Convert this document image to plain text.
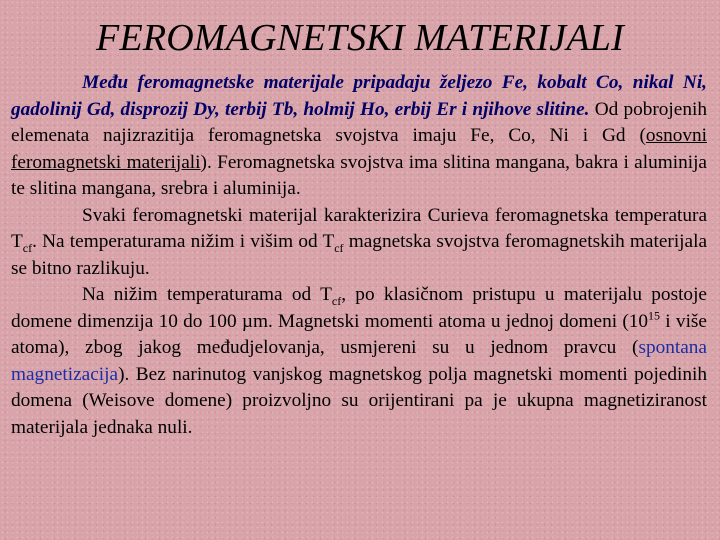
FEROMAGNETSKI MATERIJALI

Među feromagnetske materijale pripadaju željezo Fe, kobalt Co, nikal Ni, gadolinij Gd, disprozij Dy, terbij Tb, holmij Ho, erbij Er i njihove slitine. Od pobrojenih elemenata najizrazitija feromagnetska svojstva imaju Fe, Co, Ni i Gd (osnovni feromagnetski materijali). Feromagnetska svojstva ima slitina mangana, bakra i aluminija te slitina mangana, srebra i aluminija.

Svaki feromagnetski materijal karakterizira Curieva feromagnetska temperatura $T_{cf}$. Na temperaturama nižim i višim od $T_{cf}$ magnetska svojstva feromagnetskih materijala se bitno razlikuju.

Na nižim temperaturama od $T_{cf}$, po klasičnom pristupu u materijalu postoje domene dimenzija 10 do 100 µm. Magnetski momenti atoma u jednoj domeni ($10^{15}$ i više atoma), zbog jakog međudjelovanja, usmjereni su u jednom pravcu (spontana magnetizacija). Bez narinutog vanjskog magnetskog polja magnetski momenti pojedinih domena (Weisove domene) proizvoljno su orijentirani pa je ukupna magnetiziranost materijala jednaka nuli.
